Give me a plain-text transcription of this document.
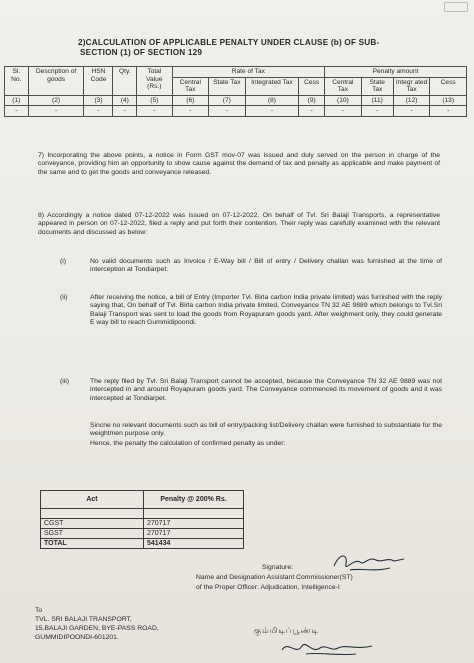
2)CALCULATION OF APPLICABLE PENALTY UNDER CLAUSE (b) OF SUB-
SECTION (1) OF SECTION 129
Sl. No.	Description of goods	HSN Code	Qty.	Total Value (Rs.)	Rate of Tax				Penalty amount			
					Central Tax	State Tax	Integrated Tax	Cess	Central Tax	State Tax	Integr ated Tax	Cess
(1)	(2)	(3)	(4)	(5)	(6)	(7)	(8)	(9)	(10)	(11)	(12)	(13)
-	-	-	-	-	-	-	-	-	-	-	-	-
7) Incorporating the above points, a notice in Form GST mov-07 was issued and duly served on the person in charge of the conveyance, providing him an opportunity to show cause against the demand of tax and penalty as applicable and make payment of the same and to get the goods and conveyance released.
8) Accordingly a notice dated 07-12-2022 was issued on 07-12-2022. On behalf of Tvl. Sri Balaji Transports, a representative appeared in person on 07-12-2022, filed a reply and put forth their contention. Their reply was carefully examined with the relevant documents and discussed as below:
(i)	No valid documents such as Invoice / E-Way bill / Bill of entry / Delivery challan was furnished at the time of interception at Tondiarpet.
(ii)	After receiving the notice, a bill of Entry (Importer Tvl. Birla carbon India private limited) was furnished with the reply saying that, On behalf of Tvl. Birla carbon India private limited, Conveyance TN 32 AE 9889 which belongs to Tvl.Sri Balaji Transport was sent to load the goods from Royapuram goods yard. After weighment only, they could generate E way bill to reach Gummidipoondi.
(iii)	The reply filed by Tvl. Sri Balaji Transport cannot be accepted, because the Conveyance TN 32 AE 9889 was not intercepted in and around Royapuram goods yard. The Conveyance commenced its movement of goods and it was intercepted at Tondiarpet.
Sincne no relevant documents such as bill of entry/packing list/Delivery challan were furnished to substantiate for the weightmen purpose only.
Hence, the penalty the calculation of confirmed penalty as under:
Act	Penalty @ 200% Rs.

CGST	270717
SGST	270717
TOTAL	541434
Signature:
Name and Designation Assistant Commissioner(ST)
of the Proper Officer: Adjudication, Intelligence-I
To
TVL. SRI BALAJI TRANSPORT,
15,BALAJI GARDEN, BYE-PASS ROAD,
GUMMIDIPOONDI-601201.
கும்மிடிப்பூண்டி
